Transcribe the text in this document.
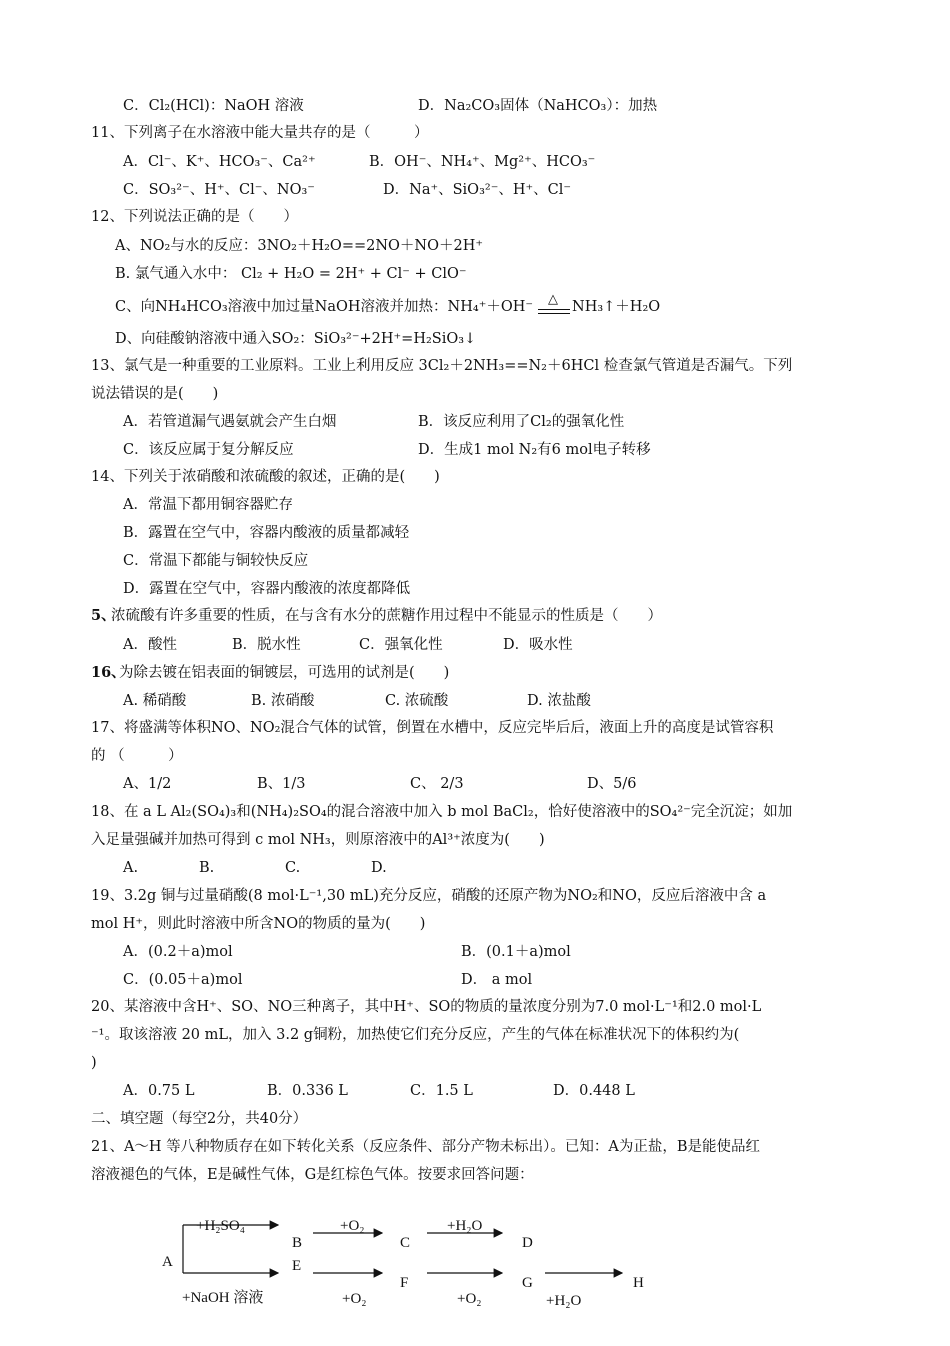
C．Cl₂(HCl)：NaOH 溶液	D．Na₂CO₃固体（NaHCO₃）：加热
11、下列离子在水溶液中能大量共存的是（　　　）
A．Cl⁻、K⁺、HCO₃⁻、Ca²⁺	B．OH⁻、NH₄⁺、Mg²⁺、HCO₃⁻
C．SO₃²⁻、H⁺、Cl⁻、NO₃⁻	D．Na⁺、SiO₃²⁻、H⁺、Cl⁻
12、下列说法正确的是（　　）
A、NO₂与水的反应：3NO₂＋H₂O==2NO＋NO＋2H⁺
B. 氯气通入水中： Cl₂ + H₂O = 2H⁺ + Cl⁻ + ClO⁻
C、向NH₄HCO₃溶液中加过量NaOH溶液并加热：NH₄⁺＋OH⁻ △ NH₃↑＋H₂O
D、向硅酸钠溶液中通入SO₂：SiO₃²⁻+2H⁺=H₂SiO₃↓
13、氯气是一种重要的工业原料。工业上利用反应 3Cl₂＋2NH₃==N₂＋6HCl 检查氯气管道是否漏气。下列
说法错误的是(　　)
A．若管道漏气遇氨就会产生白烟	B．该反应利用了Cl₂的强氧化性
C．该反应属于复分解反应	D．生成1 mol N₂有6 mol电子转移
14、下列关于浓硝酸和浓硫酸的叙述，正确的是(　　)
A．常温下都用铜容器贮存
B．露置在空气中，容器内酸液的质量都减轻
C．常温下都能与铜较快反应
D．露置在空气中，容器内酸液的浓度都降低
5、
浓硫酸有许多重要的性质，在与含有水分的蔗糖作用过程中不能显示的性质是（　　）
A．酸性	B．脱水性	C．强氧化性	D．吸水性
16、
为除去镀在铝表面的铜镀层，可选用的试剂是(　　)
A. 稀硝酸	B. 浓硝酸	C. 浓硫酸	D. 浓盐酸
17、将盛满等体积NO、NO₂混合气体的试管，倒置在水槽中，反应完毕后后，液面上升的高度是试管容积
的 （　　　）
A、1/2	B、1/3	C、 2/3	D、5/6
18、在 a L Al₂(SO₄)₃和(NH₄)₂SO₄的混合溶液中加入 b mol BaCl₂，恰好使溶液中的SO₄²⁻完全沉淀；如加
入足量强碱并加热可得到 c mol NH₃，则原溶液中的Al³⁺浓度为(　　)
A.	B.	C.	D.
19、3.2g 铜与过量硝酸(8 mol·L⁻¹,30 mL)充分反应，硝酸的还原产物为NO₂和NO，反应后溶液中含 a
mol H⁺，则此时溶液中所含NO的物质的量为(　　)
A．(0.2＋a)mol	B．(0.1＋a)mol
C．(0.05＋a)mol	D． a mol
20、某溶液中含H⁺、SO、NO三种离子，其中H⁺、SO的物质的量浓度分别为7.0 mol·L⁻¹和2.0 mol·L
⁻¹。取该溶液 20 mL，加入 3.2 g铜粉，加热使它们充分反应，产生的气体在标准状况下的体积约为(
)
A．0.75 L	B．0.336 L	C．1.5 L	D．0.448 L
二、填空题（每空2分，共40分）
21、A～H 等八种物质存在如下转化关系（反应条件、部分产物未标出）。已知：A为正盐，B是能使品红
溶液褪色的气体，E是碱性气体，G是红棕色气体。按要求回答问题：
+H₂SO₄
+NaOH 溶液
A
B	C	D
E
F	G	H
+O₂	+H₂O
+O₂	+O₂	+H₂O
